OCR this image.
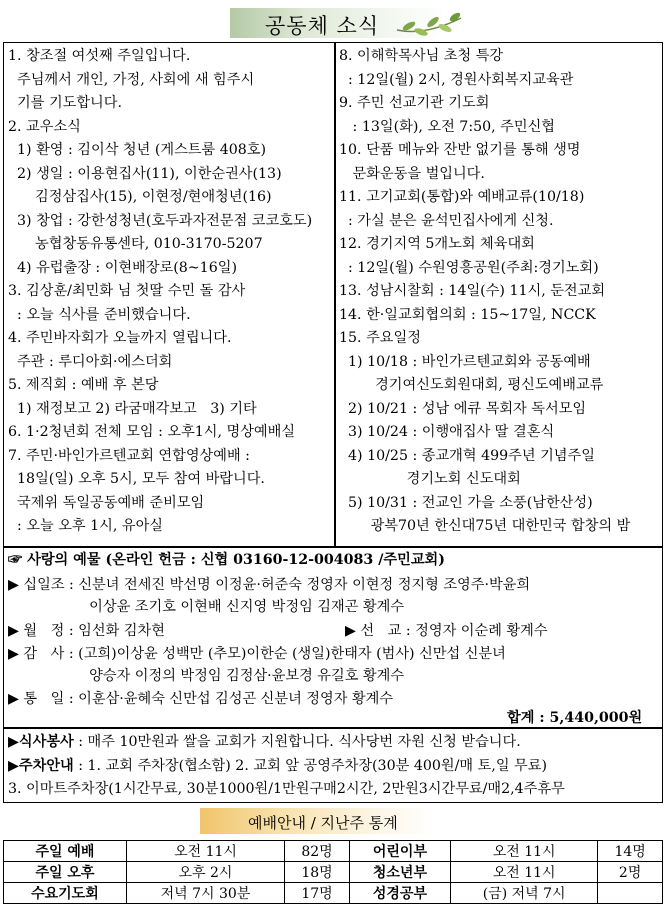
공동체 소식
1. 창조절 여섯째 주일입니다.
주님께서 개인, 가정, 사회에 새 힘주시
기를 기도합니다.
2. 교우소식
1) 환영 : 김이삭 청년 (게스트룸 408호)
2) 생일 : 이용현집사(11), 이한순권사(13)
김정삼집사(15), 이현정/현애청년(16)
3) 창업 : 강한성청년(호두과자전문점 코코호도)
농협창동유통센타, 010-3170-5207
4) 유럽출장 : 이현배장로(8~16일)
3. 김상훈/최민화 님 첫딸 수민 돌 감사
: 오늘 식사를 준비했습니다.
4. 주민바자회가 오늘까지 열립니다.
주관 : 루디아회·에스더회
5. 제직회 : 예배 후 본당
1) 재정보고 2) 라굼매각보고   3) 기타
6. 1·2청년회 전체 모임 : 오후1시, 명상예배실
7. 주민·바인가르텐교회 연합영상예배 :
18일(일) 오후 5시, 모두 참여 바랍니다.
국제위 독일공동예배 준비모임
: 오늘 오후 1시, 유아실
8. 이해학목사님 초청 특강
: 12일(월) 2시, 경원사회복지교육관
9. 주민 선교기관 기도회
: 13일(화), 오전 7:50, 주민신협
10. 단품 메뉴와 잔반 없기를 통해 생명
문화운동을 벌입니다.
11. 고기교회(통합)와 예배교류(10/18)
: 가실 분은 윤석민집사에게 신청.
12. 경기지역 5개노회 체육대회
: 12일(월) 수원영흥공원(주최:경기노회)
13. 성남시찰회 : 14일(수) 11시, 둔전교회
14. 한·일교회협의회 : 15~17일, NCCK
15. 주요일정
1) 10/18 : 바인가르텐교회와 공동예배
경기여신도회원대회, 평신도예배교류
2) 10/21 : 성남 에큐 목회자 독서모임
3) 10/24 : 이행애집사 딸 결혼식
4) 10/25 : 종교개혁 499주년 기념주일
경기노회 신도대회
5) 10/31 : 전교인 가을 소풍(남한산성)
광복70년 한신대75년 대한민국 합창의 밤
☞ 사랑의 예물 (온라인 헌금 : 신협 03160-12-004083 /주민교회)
▶ 십일조 : 신분녀 전세진 박선명 이정윤·허준숙 정영자 이현정 정지형 조영주·박윤희
이상윤 조기호 이현배 신지영 박정임 김재곤 황계수
▶ 월   정 : 임선화 김차현	▶ 선   교 : 정영자 이순례 황계수
▶ 감   사 : (고희)이상윤 성백만 (추모)이한순 (생일)한태자 (범사) 신만섭 신분녀
양승자 이정의 박정임 김정삼·윤보경 유길호 황계수
▶ 통   일 : 이훈삼·윤혜숙 신만섭 김성곤 신분녀 정영자 황계수
합계 : 5,440,000원
▶식사봉사 : 매주 10만원과 쌀을 교회가 지원합니다. 식사당번 자원 신청 받습니다.
▶주차안내 : 1. 교회 주차장(협소함) 2. 교회 앞 공영주차장(30분 400원/매 토,일 무료)
3. 이마트주차장(1시간무료, 30분1000원/1만원구매2시간, 2만원3시간무료/매2,4주휴무
예배안내 / 지난주 통계
주일 예배	오전 11시	82명	어린이부	오전 11시	14명
주일 오후	오후 2시	18명	청소년부	오전 11시	2명
수요기도회	저녁 7시 30분	17명	성경공부	(금) 저녁 7시	
